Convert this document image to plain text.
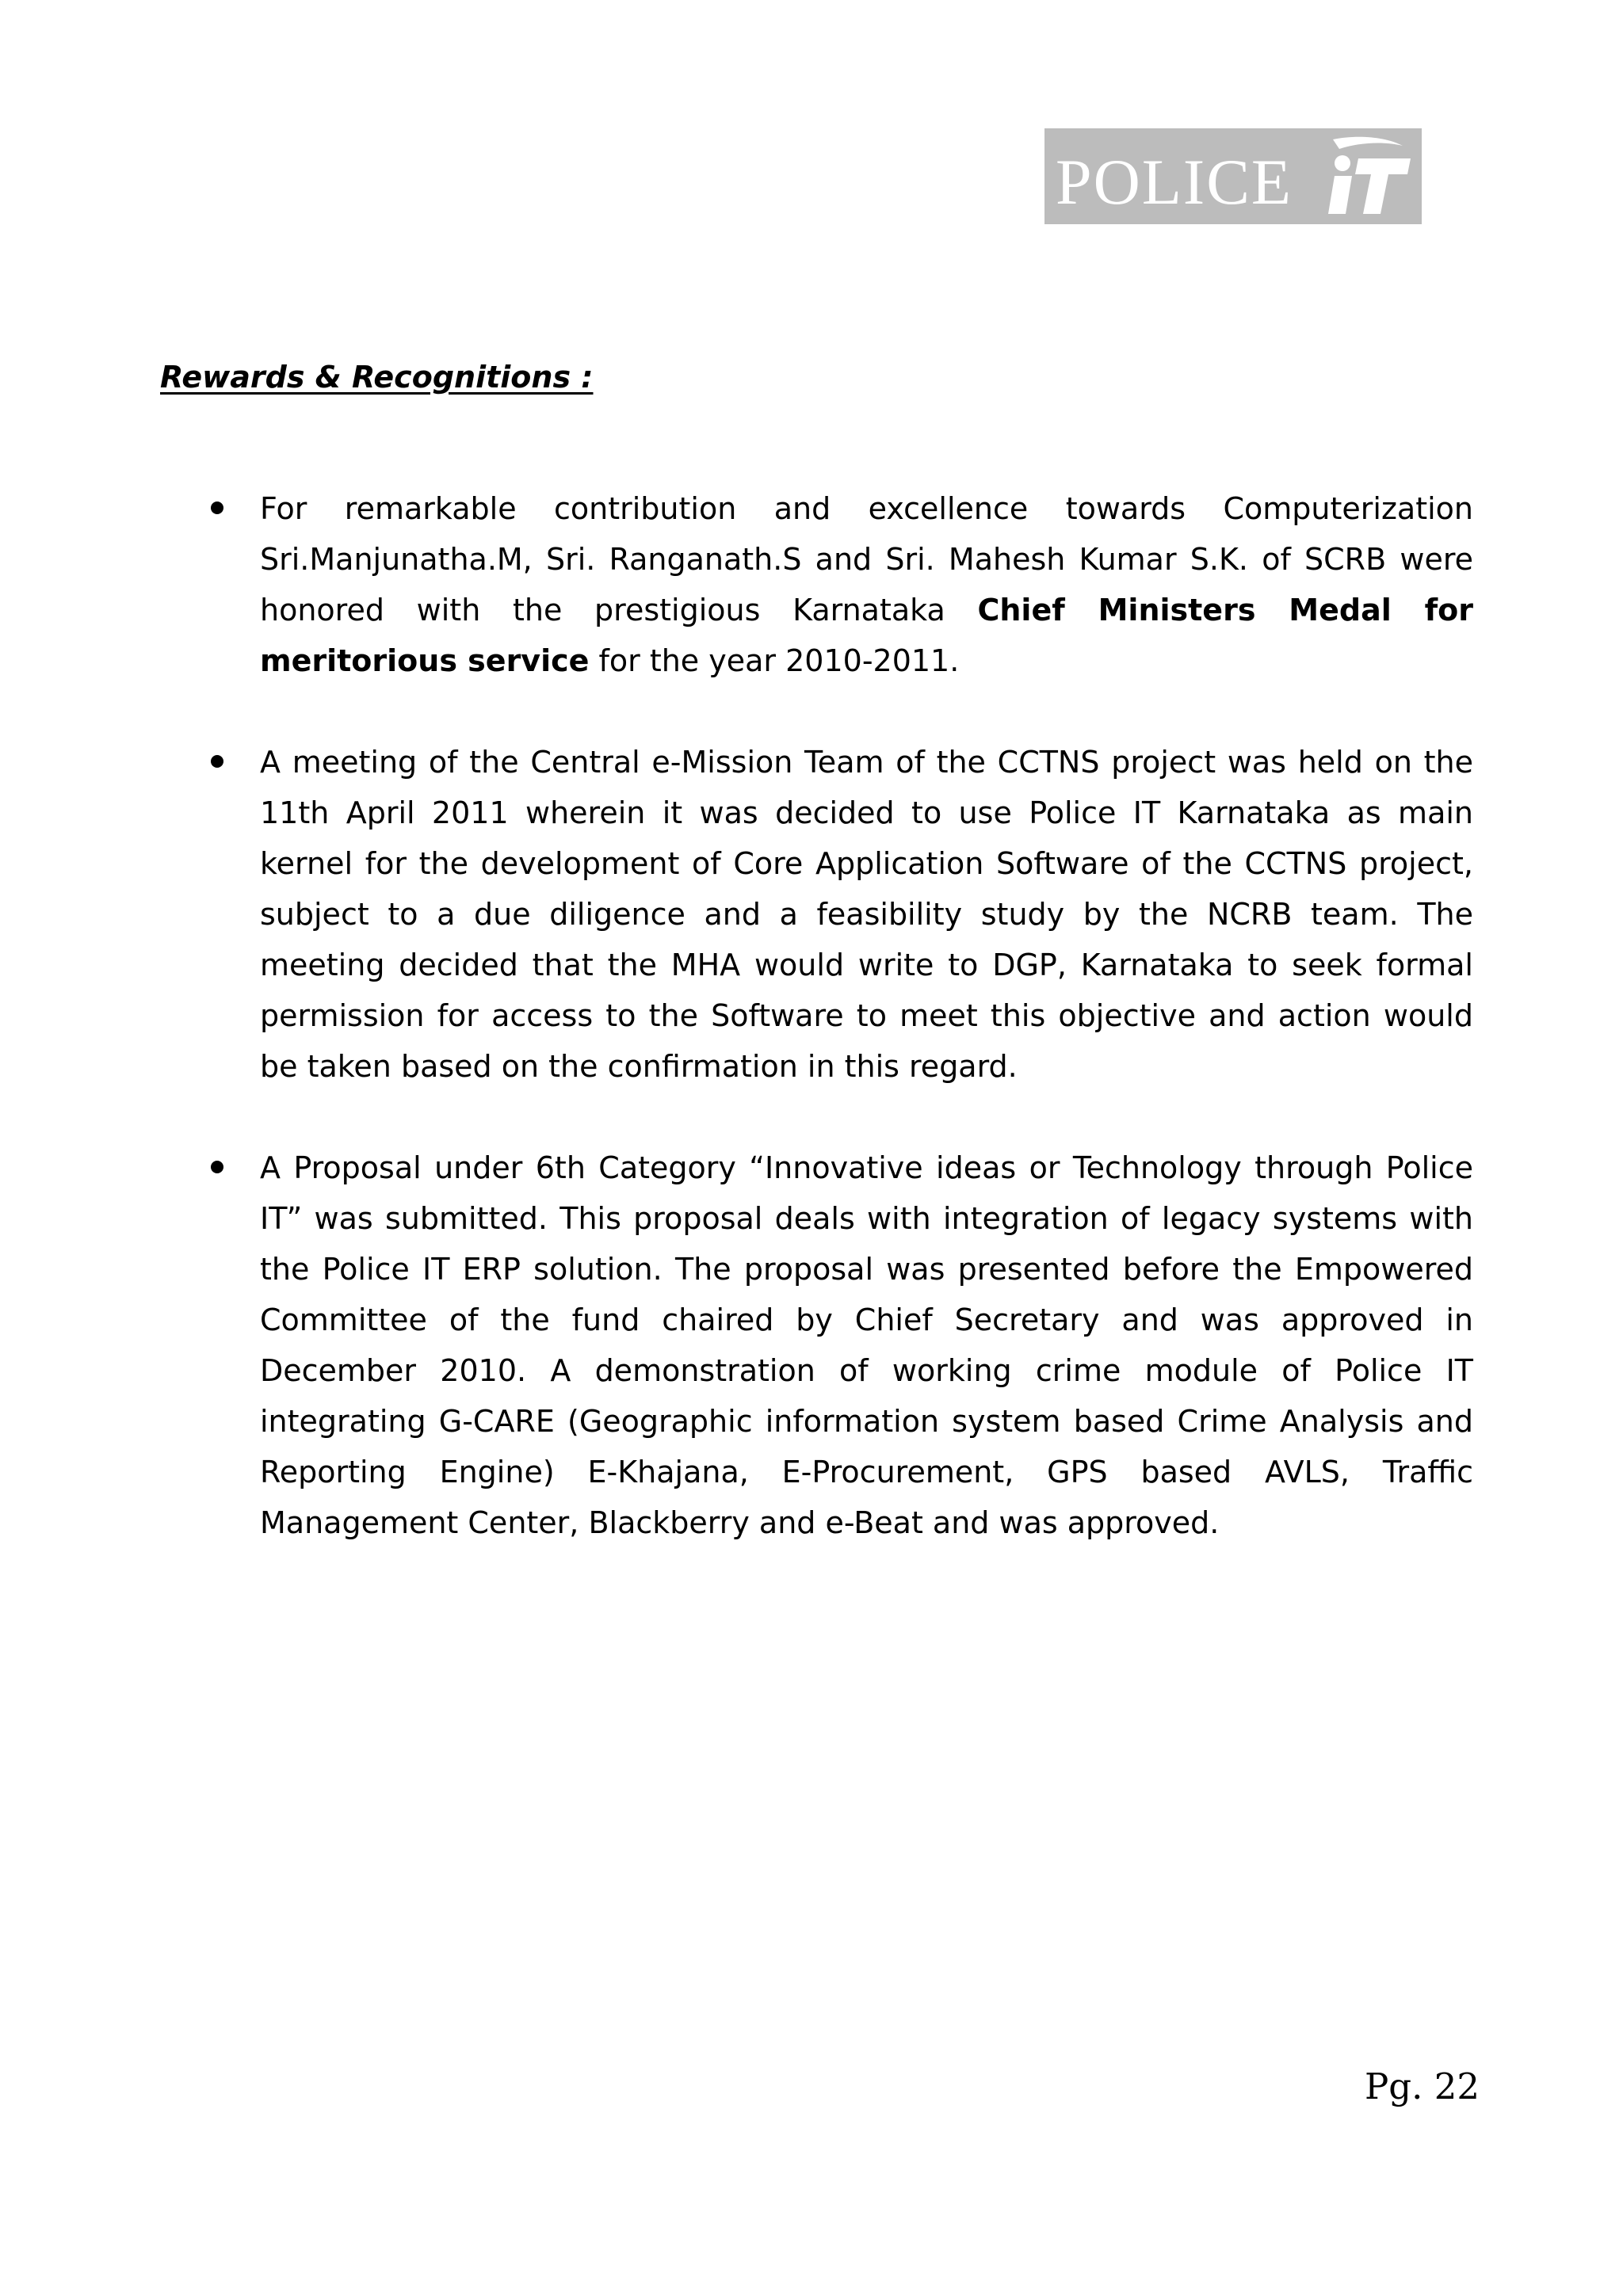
POLICE
Rewards & Recognitions :

For remarkable contribution and excellence towards Computerization Sri.Manjunatha.M, Sri. Ranganath.S and Sri. Mahesh Kumar S.K. of SCRB were honored with the prestigious Karnataka Chief Ministers Medal for meritorious service for the year 2010-2011.

A meeting of the Central e-Mission Team of the CCTNS project was held on the 11th April 2011 wherein it was decided to use Police IT Karnataka as main kernel for the development of Core Application Software of the CCTNS project, subject to a due diligence and a feasibility study by the NCRB team. The meeting decided that the MHA would write to DGP, Karnataka to seek formal permission for access to the Software to meet this objective and action would be taken based on the confirmation in this regard.

A Proposal under 6th Category “Innovative ideas or Technology through Police IT” was submitted. This proposal deals with integration of legacy systems with the Police IT ERP solution. The proposal was presented before the Empowered Committee of the fund chaired by Chief Secretary and was approved in December 2010. A demonstration of working crime module of Police IT integrating G-CARE (Geographic information system based Crime Analysis and Reporting Engine) E-Khajana, E-Procurement, GPS based AVLS, Traffic Management Center, Blackberry and e-Beat and was approved.

Pg. 22
